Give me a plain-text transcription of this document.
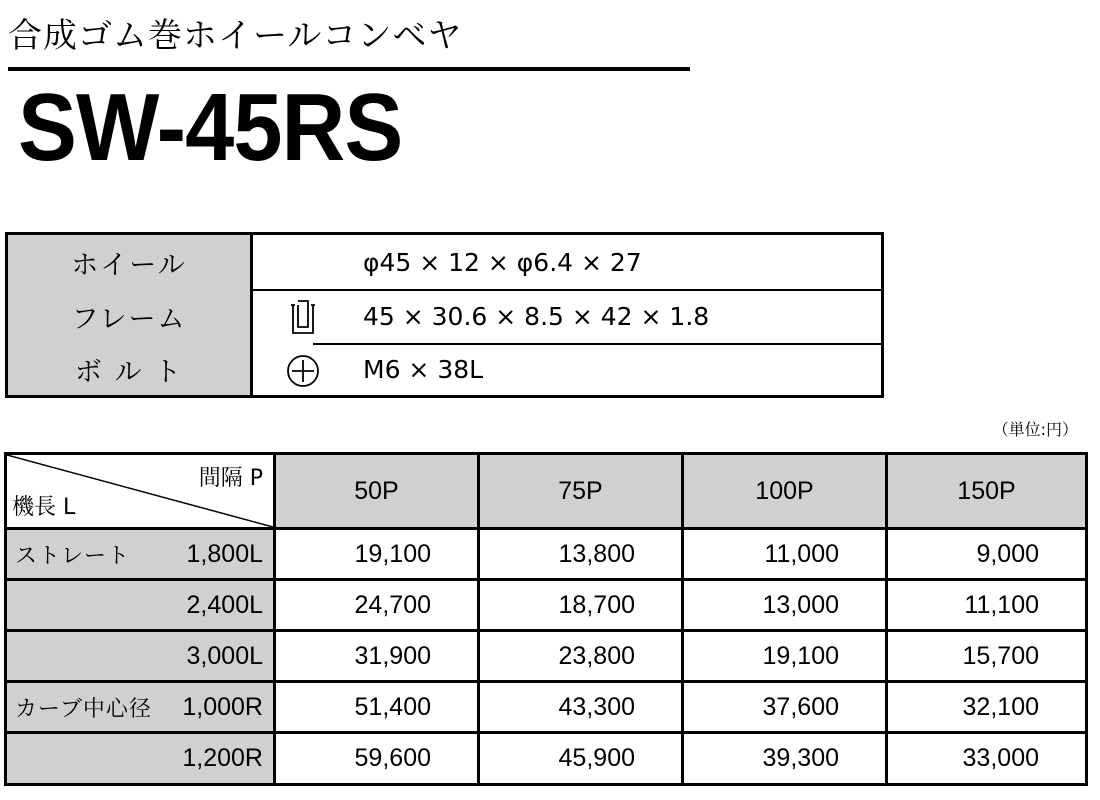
合成ゴム巻ホイールコンベヤ
SW-45RS
ホイール	φ45 × 12 × φ6.4 × 27
フレーム	45 × 30.6 × 8.5 × 42 × 1.8
ボ ル ト	M6 × 38L
（単位:円）
間隔 P
機長 L
50P	75P	100P	150P
ストレート 1,800L	19,100	13,800	11,000	9,000
2,400L	24,700	18,700	13,000	11,100
3,000L	31,900	23,800	19,100	15,700
カーブ中心径 1,000R	51,400	43,300	37,600	32,100
1,200R	59,600	45,900	39,300	33,000
